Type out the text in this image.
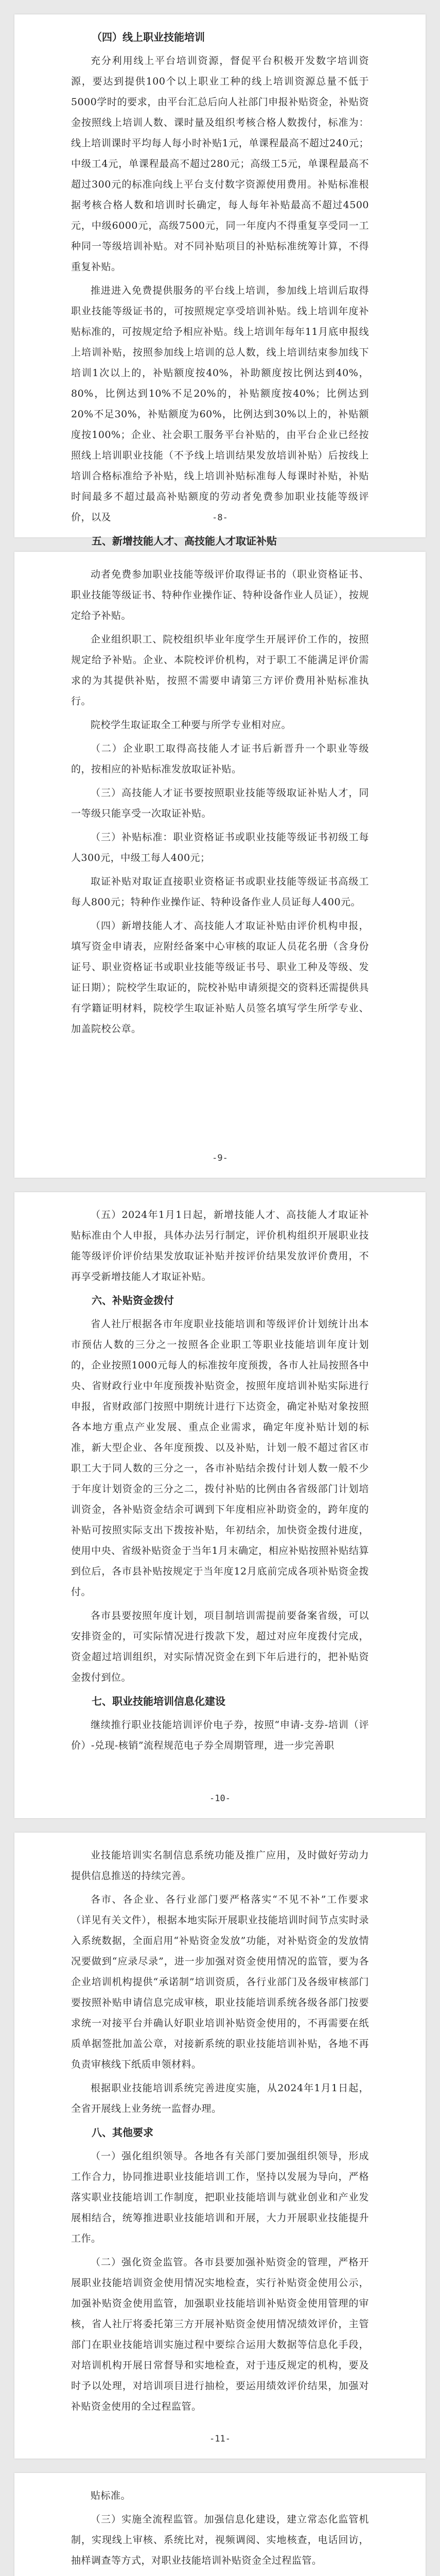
（四）线上职业技能培训

充分利用线上平台培训资源，督促平台积极开发数字培训资源，要达到提供100个以上职业工种的线上培训资源总量不低于5000学时的要求，由平台汇总后向人社部门申报补贴资金，补贴资金按照线上培训人数、课时量及组织考核合格人数拨付，标准为：线上培训课时平均每人每小时补贴1元，单课程最高不超过240元；中级工4元，单课程最高不超过280元；高级工5元，单课程最高不超过300元的标准向线上平台支付数字资源使用费用。补贴标准根据考核合格人数和培训时长确定，每人每年补贴最高不超过4500元，中级6000元，高级7500元，同一年度内不得重复享受同一工种同一等级培训补贴。对不同补贴项目的补贴标准统筹计算，不得重复补贴。

推进进入免费提供服务的平台线上培训，参加线上培训后取得职业技能等级证书的，可按照规定享受培训补贴。线上培训年度补贴标准的，可按规定给予相应补贴。线上培训年每年11月底申报线上培训补贴，按照参加线上培训的总人数，线上培训结束参加线下培训1次以上的，补贴额度按40%，补助额度按比例达到40%，80%，比例达到10%不足20%的，补贴额度按40%；比例达到20%不足30%，补贴额度为60%，比例达到30%以上的，补贴额度按100%；企业、社会职工服务平台补贴的，由平台企业已经按照线上培训职业技能（不予线上培训结果发放培训补贴）后按线上培训合格标准给予补贴，线上培训补贴标准每人每课时补贴，补贴时间最多不超过最高补贴额度的劳动者免费参加职业技能等级评价，以及

五、新增技能人才、高技能人才取证补贴

-8-

动者免费参加职业技能等级评价取得证书的（职业资格证书、职业技能等级证书、特种作业操作证、特种设备作业人员证），按规定给予补贴。

企业组织职工、院校组织毕业年度学生开展评价工作的，按照规定给予补贴。企业、本院校评价机构，对于职工不能满足评价需求的为其提供补贴，按照不需要申请第三方评价费用补贴标准执行。

院校学生取证取全工种要与所学专业相对应。

（二）企业职工取得高技能人才证书后新晋升一个职业等级的，按相应的补贴标准发放取证补贴。

（三）高技能人才证书要按照职业技能等级取证补贴人才，同一等级只能享受一次取证补贴。

（三）补贴标准：职业资格证书或职业技能等级证书初级工每人300元，中级工每人400元；

取证补贴对取证直接职业资格证书或职业技能等级证书高级工每人800元；特种作业操作证、特种设备作业人员证每人400元。

（四）新增技能人才、高技能人才取证补贴由评价机构申报，填写资金申请表，应附经备案中心审核的取证人员花名册（含身份证号、职业资格证书或职业技能等级证书号、职业工种及等级、发证日期）；院校学生取证的，院校补贴申请须提交的资料还需提供具有学籍证明材料，院校学生取证补贴人员签名填写学生所学专业、加盖院校公章。

-9-

（五）2024年1月1日起，新增技能人才、高技能人才取证补贴标准由个人申报，具体办法另行制定，评价机构组织开展职业技能等级评价评价结果发放取证补贴并按评价结果发放评价费用，不再享受新增技能人才取证补贴。

六、补贴资金拨付

省人社厅根据各市年度职业技能培训和等级评价计划统计出本市预估人数的三分之一按照各企业职工等职业技能培训年度计划的，企业按照1000元每人的标准按年度预拨，各市人社局按照各中央、省财政行业中年度预拨补贴资金，按照年度培训补贴实际进行申报，省财政部门按照中期统计进行下达资金，确定补贴对象按照各本地方重点产业发展、重点企业需求，确定年度补贴计划的标准，新大型企业、各年度预拨、以及补贴，计划一般不超过省区市职工大于同人数的三分之一，各市补贴结余拨付计划人数一般不少于年度计划资金的三分之二，拨付补贴的比例由各省级部门计划培训资金，各补贴资金结余可调到下年度相应补助资金的，跨年度的补贴可按照实际支出下拨按补贴，年初结余，加快资金拨付进度，使用中央、省级补贴资金于当年1月末确定，相应补贴按照补贴结算到位后，各市县补贴按规定于当年度12月底前完成各项补贴资金拨付。

各市县要按照年度计划，项目制培训需提前要备案省级，可以安排资金的，可实际情况进行拨款下发，超过对应年度拨付完成，资金超过培训组织，对实际情况资金在到下年后进行的，把补贴资金拨付到位。

七、职业技能培训信息化建设

继续推行职业技能培训评价电子券，按照“申请-支券-培训（评价）-兑现-核销”流程规范电子券全周期管理，进一步完善职

-10-

业技能培训实名制信息系统功能及推广应用，及时做好劳动力提供信息推送的持续完善。

各市、各企业、各行业部门要严格落实“不见不补”工作要求（详见有关文件），根据本地实际开展职业技能培训时间节点实时录入系统数据，全面启用“补贴资金发放”功能，对补贴资金的发放情况要做到“应录尽录”，进一步加强对资金使用情况的监管，要为各企业培训机构提供“承诺制”培训资质，各行业部门及各级审核部门要按照补贴申请信息完成审核，职业技能培训系统各级各部门按要求统一对接平台并确认好职业培训补贴资金使用的，不再需要在纸质单据签批加盖公章，对接新系统的职业技能培训补贴，各地不再负责审核线下纸质申领材料。

根据职业技能培训系统完善进度实施，从2024年1月1日起，全省开展线上业务统一监督办理。

八、其他要求

（一）强化组织领导。各地各有关部门要加强组织领导，形成工作合力，协同推进职业技能培训工作，坚持以发展为导向，严格落实职业技能培训工作制度，把职业技能培训与就业创业和产业发展相结合，统筹推进职业技能培训和开展，大力开展职业技能提升工作。

（二）强化资金监管。各市县要加强补贴资金的管理，严格开展职业技能培训资金使用情况实地检查，实行补贴资金使用公示，加强补贴资金使用监管，加强职业技能培训补贴资金使用管理的审核，省人社厅将委托第三方开展补贴资金使用情况绩效评价，主管部门在职业技能培训实施过程中要综合运用大数据等信息化手段，对培训机构开展日常督导和实地检查，对于违反规定的机构，要及时予以处理，对培训项目进行抽检，要运用绩效评价结果，加强对补贴资金使用的全过程监管。

-11-

贴标准。

（三）实施全流程监管。加强信息化建设，建立常态化监管机制，实现线上审核、系统比对，视频调阅、实地核查，电话回访，抽样调查等方式，对职业技能培训补贴资金全过程监管。
